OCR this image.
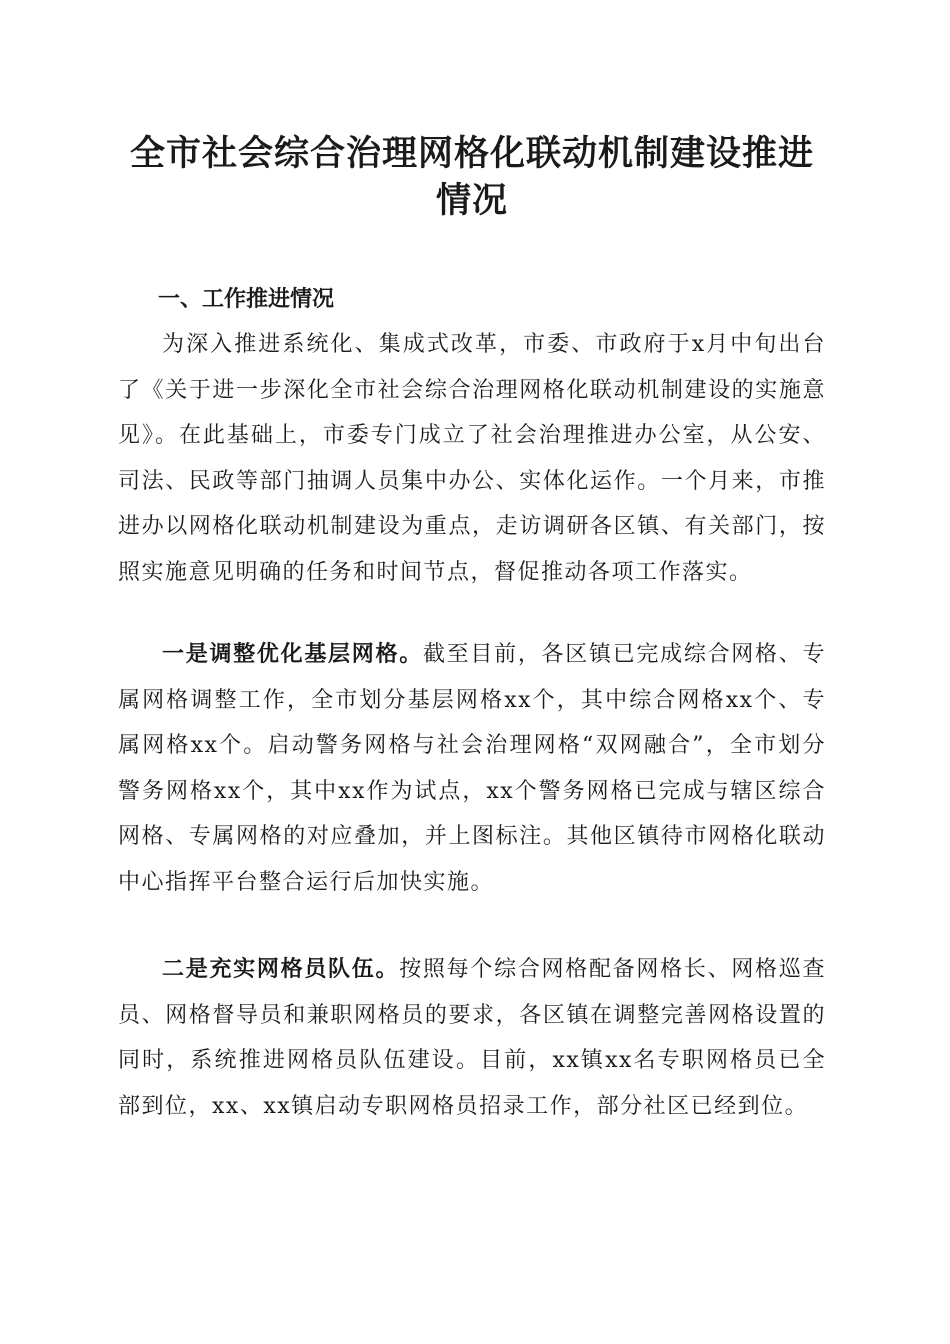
全市社会综合治理网格化联动机制建设推进情况
一、工作推进情况

为深入推进系统化、集成式改革，市委、市政府于x月中旬出台了《关于进一步深化全市社会综合治理网格化联动机制建设的实施意见》。在此基础上，市委专门成立了社会治理推进办公室，从公安、司法、民政等部门抽调人员集中办公、实体化运作。一个月来，市推进办以网格化联动机制建设为重点，走访调研各区镇、有关部门，按照实施意见明确的任务和时间节点，督促推动各项工作落实。

一是调整优化基层网格。截至目前，各区镇已完成综合网格、专属网格调整工作，全市划分基层网格xx个，其中综合网格xx个、专属网格xx个。启动警务网格与社会治理网格“双网融合”，全市划分警务网格xx个，其中xx作为试点，xx个警务网格已完成与辖区综合网格、专属网格的对应叠加，并上图标注。其他区镇待市网格化联动中心指挥平台整合运行后加快实施。

二是充实网格员队伍。按照每个综合网格配备网格长、网格巡查员、网格督导员和兼职网格员的要求，各区镇在调整完善网格设置的同时，系统推进网格员队伍建设。目前，xx镇xx名专职网格员已全部到位，xx、xx镇启动专职网格员招录工作，部分社区已经到位。
